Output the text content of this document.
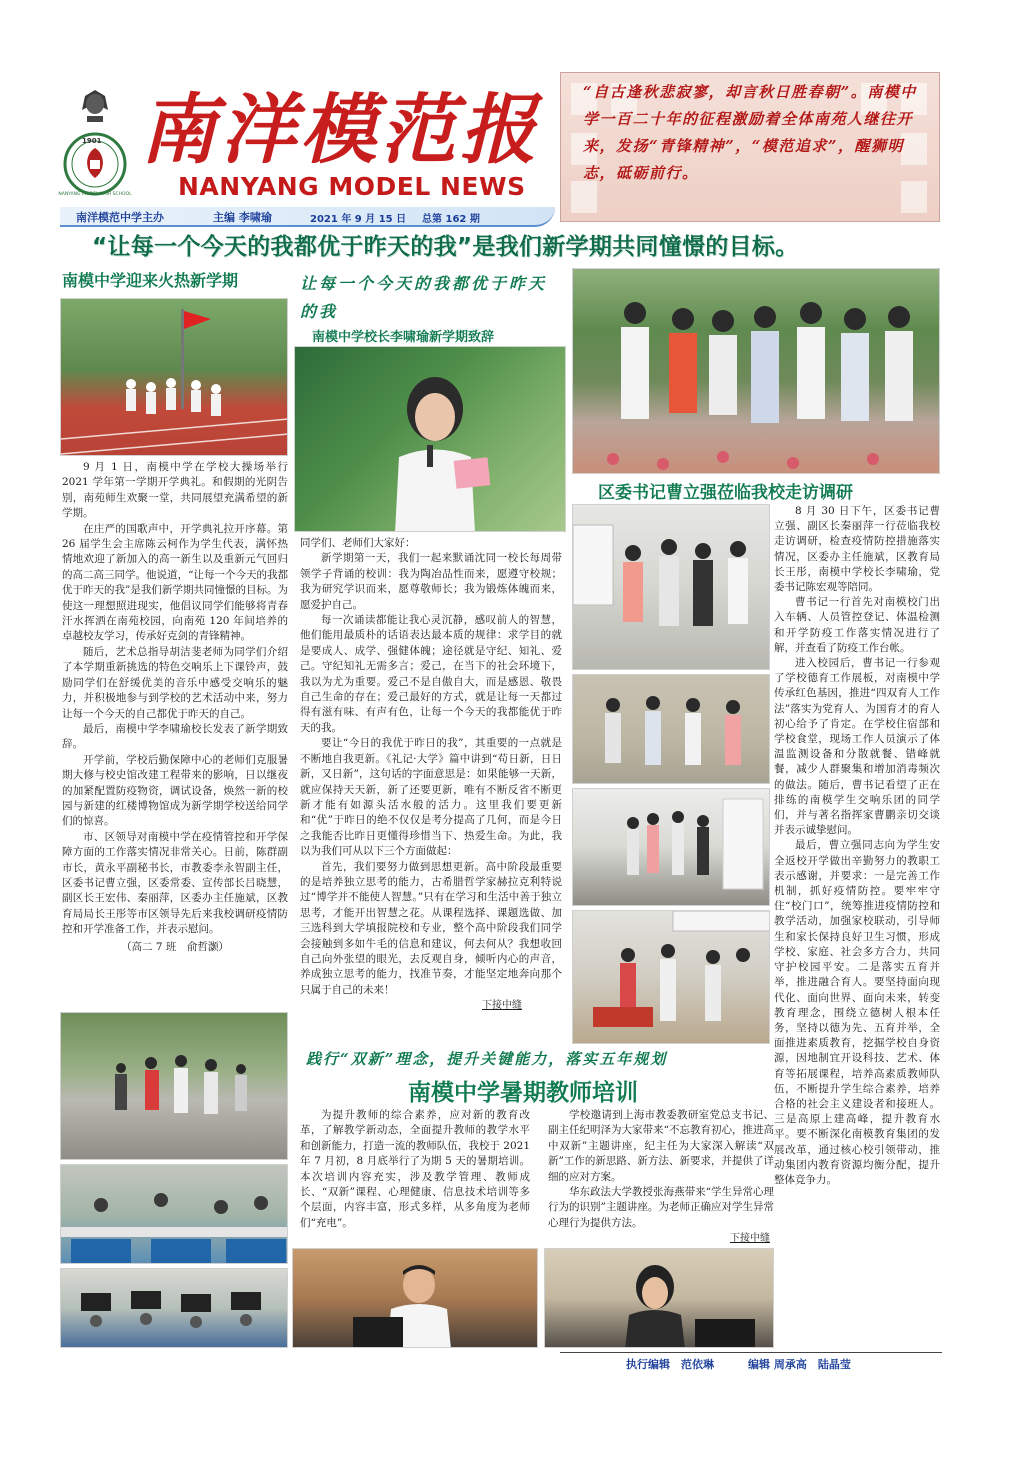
1901
NANYANG MODEL HIGH SCHOOL
南洋模范报
NANYANG MODEL NEWS
南洋模范中学主办	主编 李啸瑜	2021 年 9 月 15 日 总第 162 期
“自古逢秋悲寂寥，却言秋日胜春朝”。南模中学一百二十年的征程激励着全体南苑人继往开来，发扬“青锋精神”，“模范追求”，醒狮明志，砥砺前行。
“让每一个今天的我都优于昨天的我”是我们新学期共同憧憬的目标。
南模中学迎来火热新学期

9 月 1 日，南模中学在学校大操场举行 2021 学年第一学期开学典礼。和假期的光阴告别，南苑师生欢聚一堂，共同展望充满希望的新学期。

在庄严的国歌声中，开学典礼拉开序幕。第 26 届学生会主席陈云柯作为学生代表，满怀热情地欢迎了新加入的高一新生以及重新元气回归的高二高三同学。他说道，“让每一个今天的我都优于昨天的我”是我们新学期共同憧憬的目标。为使这一理想照进现实，他倡议同学们能够将青春汗水挥洒在南苑校园，向南苑 120 年间培养的卓越校友学习，传承好克剑的青锋精神。

随后，艺术总指导胡洁斐老师为同学们介绍了本学期重新挑选的特色交响乐上下课铃声，鼓励同学们在舒缓优美的音乐中感受交响乐的魅力，并积极地参与到学校的艺术活动中来，努力让每一个今天的自己都优于昨天的自己。

最后，南模中学李啸瑜校长发表了新学期致辞。

开学前，学校后勤保障中心的老师们克服暑期大修与校史馆改建工程带来的影响，日以继夜的加紧配置防疫物资，调试设备，焕然一新的校园与新建的红楼博物馆成为新学期学校送给同学们的惊喜。

市、区领导对南模中学在疫情管控和开学保障方面的工作落实情况非常关心。日前，陈群副市长，黄永平副秘书长，市教委李永智副主任，区委书记曹立强，区委常委、宣传部长吕晓慧，副区长王宏伟、秦丽萍，区委办主任施斌，区教育局局长王彤等市区领导先后来我校调研疫情防控和开学准备工作，并表示慰问。

（高二 7 班　俞哲灏）
让每一个今天的我都优于昨天的我
南模中学校长李啸瑜新学期致辞

同学们、老师们大家好：

新学期第一天，我们一起来默诵沈同一校长每周带领学子背诵的校训：我为陶冶品性而来，愿遵守校规；我为研究学识而来，愿尊敬师长；我为锻炼体魄而来，愿爱护自己。

每一次诵读都能让我心灵沉静，感叹前人的智慧，他们能用最质朴的话语表达最本质的规律：求学目的就是要成人、成学、强健体魄；途径就是守纪、知礼、爱己。守纪知礼无需多言；爱己，在当下的社会环境下，我以为尤为重要。爱己不是自傲自大，而是感恩、敬畏自己生命的存在；爱己最好的方式，就是让每一天都过得有滋有味、有声有色，让每一个今天的我都能优于昨天的我。

要让“今日的我优于昨日的我”，其重要的一点就是不断地自我更新。《礼记·大学》篇中讲到“苟日新，日日新，又日新”，这句话的字面意思是：如果能够一天新，就应保持天天新，新了还要更新，唯有不断反省不断更新才能有如源头活水般的活力。这里我们要更新和“优”于昨日的绝不仅仅是考分提高了几何，而是今日之我能否比昨日更懂得珍惜当下、热爱生命。为此，我以为我们可从以下三个方面做起：

首先，我们要努力做到思想更新。高中阶段最重要的是培养独立思考的能力，古希腊哲学家赫拉克利特说过“博学并不能使人智慧。”只有在学习和生活中善于独立思考，才能开出智慧之花。从课程选择、课题选做、加三选科到大学填报院校和专业，整个高中阶段我们同学会接触到多如牛毛的信息和建议，何去何从？我想收回自己向外张望的眼光，去反观自身，倾听内心的声音，养成独立思考的能力，找准节奏，才能坚定地奔向那个只属于自己的未来！

下接中缝
区委书记曹立强莅临我校走访调研

8 月 30 日下午，区委书记曹立强、副区长秦丽萍一行莅临我校走访调研，检查疫情防控措施落实情况，区委办主任施斌，区教育局长王彤，南模中学校长李啸瑜，党委书记陈宏观等陪同。

曹书记一行首先对南模校门出入车辆、人员管控登记、体温检测和开学防疫工作落实情况进行了解，并查看了防疫工作台帐。

进入校园后，曹书记一行参观了学校德育工作展板，对南模中学传承红色基因，推进“四双育人工作法”落实为党育人、为国育才的育人初心给予了肯定。在学校住宿部和学校食堂，现场工作人员演示了体温监测设备和分散就餐、错峰就餐，减少人群聚集和增加消毒频次的做法。随后，曹书记看望了正在排练的南模学生交响乐团的同学们，并与著名指挥家曹鹏亲切交谈并表示诚挚慰问。

最后，曹立强同志向为学生安全返校开学做出辛勤努力的教职工表示感谢，并要求：一是完善工作机制，抓好疫情防控。要牢牢守住“校门口”，统筹推进疫情防控和教学活动，加强家校联动，引导师生和家长保持良好卫生习惯，形成学校、家庭、社会多方合力，共同守护校园平安。二是落实五育并举，推进融合育人。要坚持面向现代化、面向世界、面向未来，转变教育理念，围绕立德树人根本任务，坚持以德为先、五育并举，全面推进素质教育，挖掘学校自身资源，因地制宜开设科技、艺术、体育等拓展课程，培养高素质教师队伍，不断提升学生综合素养，培养合格的社会主义建设者和接班人。三是高原上建高峰，提升教育水平。要不断深化南模教育集团的发展改革，通过核心校引领带动，推动集团内教育资源均衡分配，提升整体竞争力。

践行“双新”理念，提升关键能力，落实五年规划
南模中学暑期教师培训

为提升教师的综合素养，应对新的教育改革，了解教学新动态，全面提升教师的教学水平和创新能力，打造一流的教师队伍，我校于 2021 年 7 月初，8 月底举行了为期 5 天的暑期培训。本次培训内容充实，涉及教学管理、教师成长、“双新”课程、心理健康、信息技术培训等多个层面，内容丰富，形式多样，从多角度为老师们“充电”。

学校邀请到上海市教委教研室党总支书记、副主任纪明泽为大家带来“不忘教育初心，推进高中双新”主题讲座，纪主任为大家深入解读“双新”工作的新思路、新方法、新要求，并提供了详细的应对方案。

华东政法大学教授张海燕带来“学生异常心理行为的识别”主题讲座。为老师正确应对学生异常心理行为提供方法。

下接中缝
执行编辑　范依琳	编辑 周承高　陆晶莹
